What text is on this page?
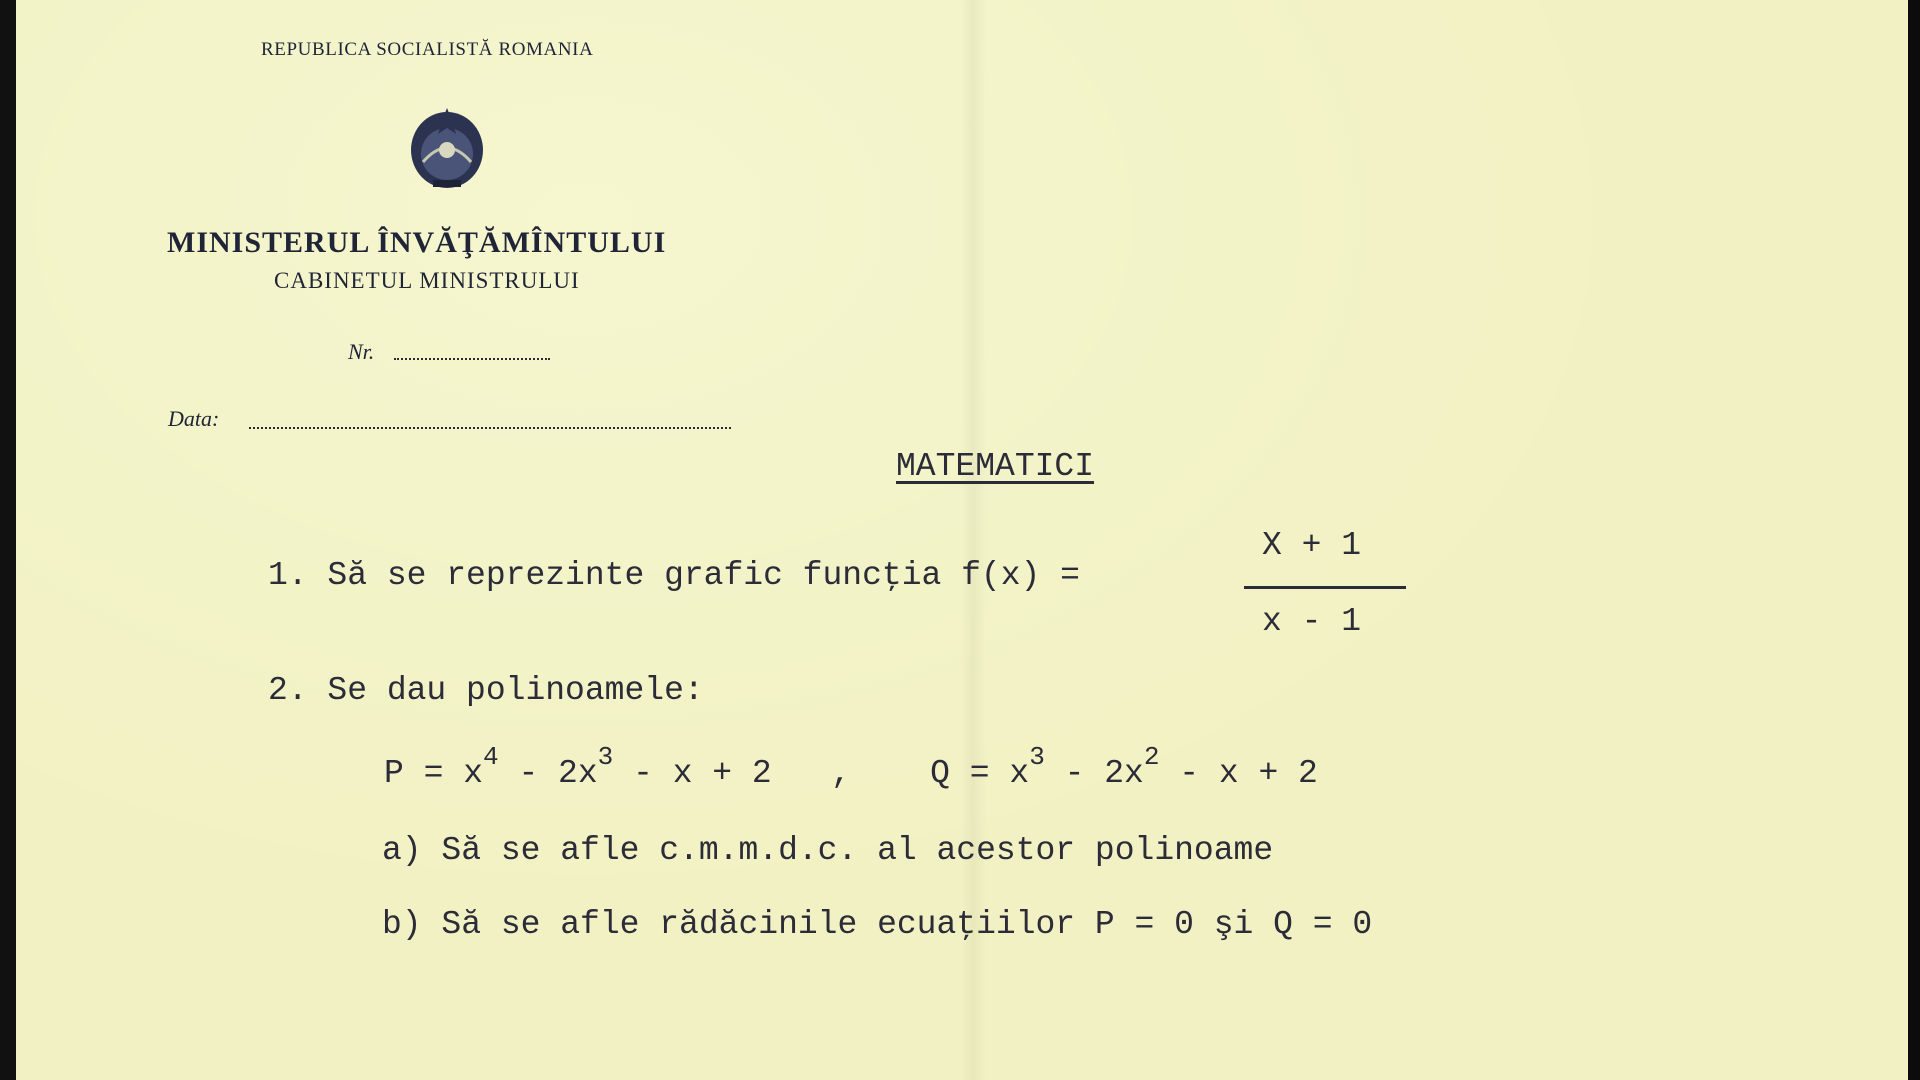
REPUBLICA SOCIALISTĂ ROMANIA
MINISTERUL ÎNVĂŢĂMÎNTULUI
CABINETUL MINISTRULUI
Nr.
Data:
MATEMATICI
1. Să se reprezinte grafic funcţia f(x) =
X + 1
x - 1
2. Se dau polinoamele:
$P = x^4 - 2x^3 - x + 2$   ,    $Q = x^3 - 2x^2 - x + 2$
a) Să se afle c.m.m.d.c. al acestor polinoame
b) Să se afle rădăcinile ecuaţiilor P = 0 şi Q = 0
